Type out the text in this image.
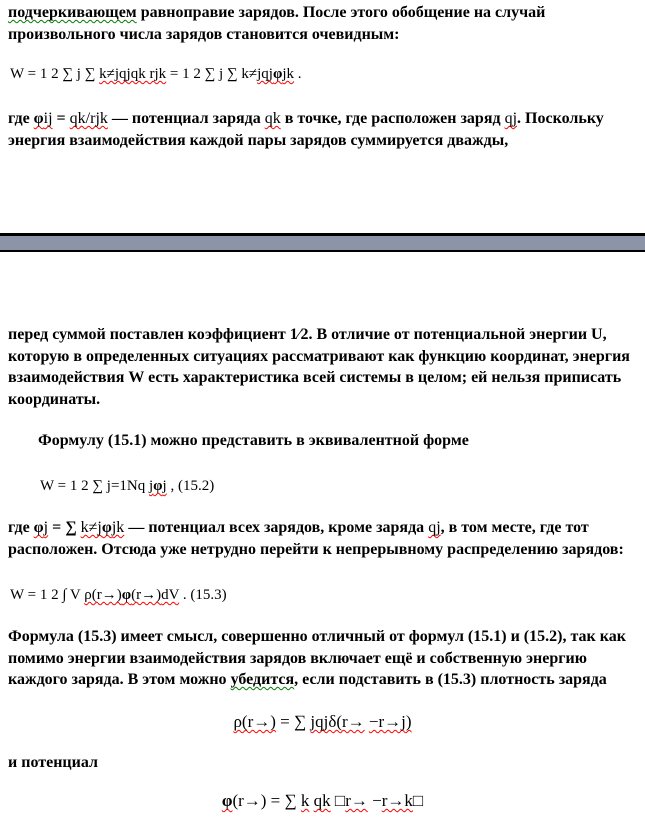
подчеркивающем равноправие зарядов. После этого обобщение на случай произвольного числа зарядов становится очевидным:
W = 1 2 ∑ j ∑ k≠jqjqk rjk = 1 2 ∑ j ∑ k≠jqjφjk .
где φij = qk/rjk — потенциал заряда qk в точке, где расположен заряд qj. Поскольку энергия взаимодействия каждой пары зарядов суммируется дважды,
перед суммой поставлен коэффициент 1⁄2. В отличие от потенциальной энергии U, которую в определенных ситуациях рассматривают как функцию координат, энергия взаимодействия W есть характеристика всей системы в целом; ей нельзя приписать координаты.
Формулу (15.1) можно представить в эквивалентной форме
W = 1 2 ∑ j=1Nq jφj , (15.2)
где φj = ∑ k≠jφjk — потенциал всех зарядов, кроме заряда qj, в том месте, где тот расположен. Отсюда уже нетрудно перейти к непрерывному распределению зарядов:
W = 1 2 ∫ V ρ(r→)φ(r→)dV . (15.3)
Формула (15.3) имеет смысл, совершенно отличный от формул (15.1) и (15.2), так как помимо энергии взаимодействия зарядов включает ещё и собственную энергию каждого заряда. В этом можно убедится, если подставить в (15.3) плотность заряда
ρ(r→) = ∑ jqjδ(r→ −r→j)
и потенциал
φ(r→) = ∑ k qk □r→ −r→k□
